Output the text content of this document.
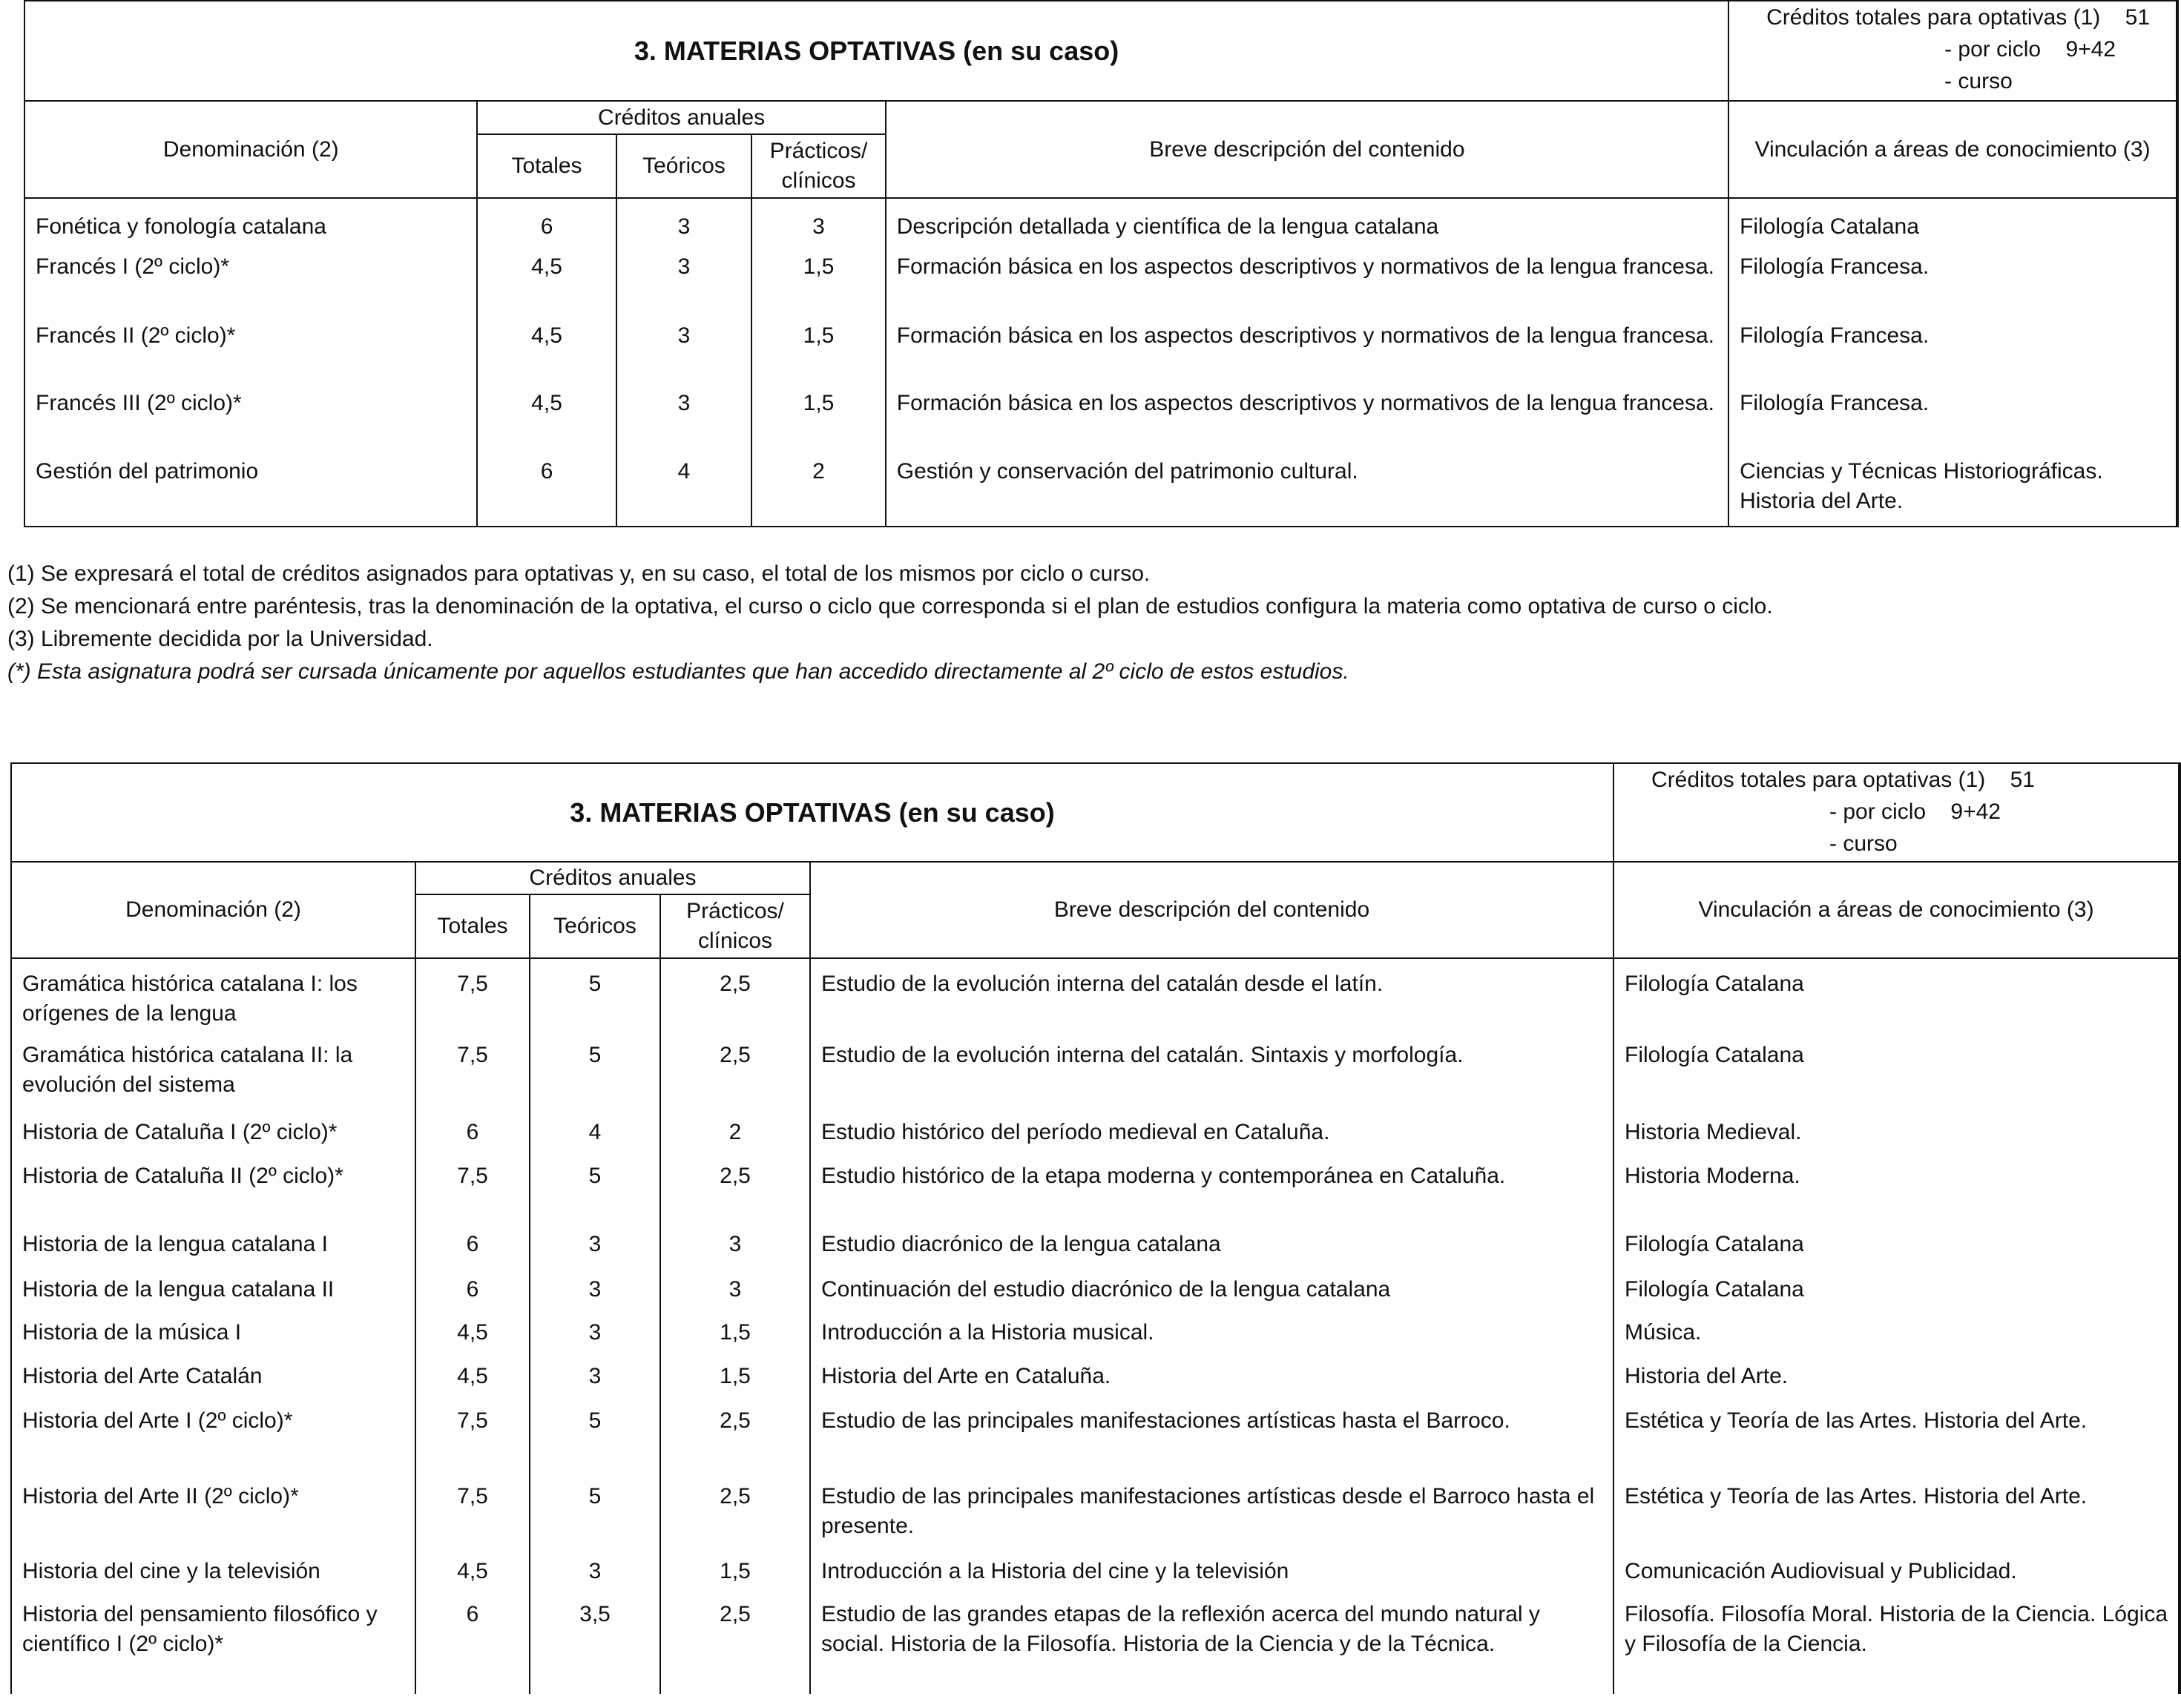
3. MATERIAS OPTATIVAS (en su caso)					Créditos totales para optativas (1) 51
- por ciclo 9+42
- curso

Denominación (2)	Créditos anuales			Breve descripción del contenido	Vinculación a áreas de conocimiento (3)
	Totales	Teóricos	Prácticos/ clínicos		
Fonética y fonología catalana	6	3	3	Descripción detallada y científica de la lengua catalana	Filología Catalana
Francés I (2º ciclo)*	4,5	3	1,5	Formación básica en los aspectos descriptivos y normativos de la lengua francesa.	Filología Francesa.
Francés II (2º ciclo)*	4,5	3	1,5	Formación básica en los aspectos descriptivos y normativos de la lengua francesa.	Filología Francesa.
Francés III (2º ciclo)*	4,5	3	1,5	Formación básica en los aspectos descriptivos y normativos de la lengua francesa.	Filología Francesa.
Gestión del patrimonio	6	4	2	Gestión y conservación del patrimonio cultural.	Ciencias y Técnicas Historiográficas. Historia del Arte.
(1) Se expresará el total de créditos asignados para optativas y, en su caso, el total de los mismos por ciclo o curso.
(2) Se mencionará entre paréntesis, tras la denominación de la optativa, el curso o ciclo que corresponda si el plan de estudios configura la materia como optativa de curso o ciclo.
(3) Libremente decidida por la Universidad.
(*) Esta asignatura podrá ser cursada únicamente por aquellos estudiantes que han accedido directamente al 2º ciclo de estos estudios.
3. MATERIAS OPTATIVAS (en su caso)					Créditos totales para optativas (1) 51
- por ciclo 9+42
- curso

Denominación (2)	Créditos anuales			Breve descripción del contenido	Vinculación a áreas de conocimiento (3)
	Totales	Teóricos	Prácticos/ clínicos		
Gramática histórica catalana I: los orígenes de la lengua	7,5	5	2,5	Estudio de la evolución interna del catalán desde el latín.	Filología Catalana
Gramática histórica catalana II: la evolución del sistema	7,5	5	2,5	Estudio de la evolución interna del catalán. Sintaxis y morfología.	Filología Catalana
Historia de Cataluña I (2º ciclo)*	6	4	2	Estudio histórico del período medieval en Cataluña.	Historia Medieval.
Historia de Cataluña II (2º ciclo)*	7,5	5	2,5	Estudio histórico de la etapa moderna y contemporánea en Cataluña.	Historia Moderna.
Historia de la lengua catalana I	6	3	3	Estudio diacrónico de la lengua catalana	Filología Catalana
Historia de la lengua catalana II	6	3	3	Continuación del estudio diacrónico de la lengua catalana	Filología Catalana
Historia de la música I	4,5	3	1,5	Introducción a la Historia musical.	Música.
Historia del Arte Catalán	4,5	3	1,5	Historia del Arte en Cataluña.	Historia del Arte.
Historia del Arte I (2º ciclo)*	7,5	5	2,5	Estudio de las principales manifestaciones artísticas hasta el Barroco.	Estética y Teoría de las Artes. Historia del Arte.
Historia del Arte II (2º ciclo)*	7,5	5	2,5	Estudio de las principales manifestaciones artísticas desde el Barroco hasta el presente.	Estética y Teoría de las Artes. Historia del Arte.
Historia del cine y la televisión	4,5	3	1,5	Introducción a la Historia del cine y la televisión	Comunicación Audiovisual y Publicidad.
Historia del pensamiento filosófico y científico I (2º ciclo)*	6	3,5	2,5	Estudio de las grandes etapas de la reflexión acerca del mundo natural y social. Historia de la Filosofía. Historia de la Ciencia y de la Técnica.	Filosofía. Filosofía Moral. Historia de la Ciencia. Lógica y Filosofía de la Ciencia.
